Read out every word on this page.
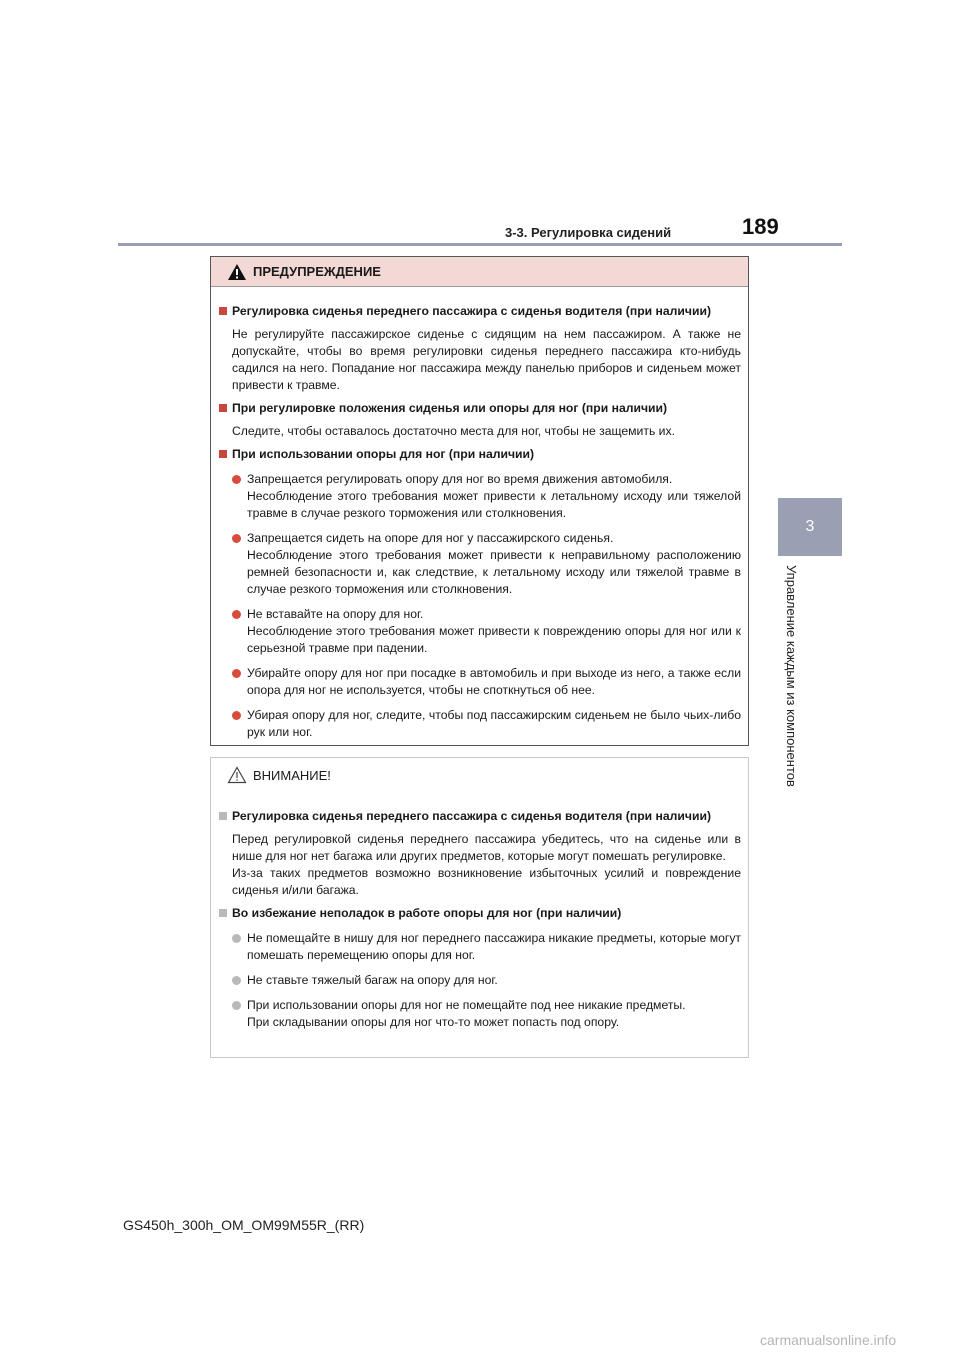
3-3. Регулировка сидений	189
3
Управление каждым из компонентов
ПРЕДУПРЕЖДЕНИЕ
Регулировка сиденья переднего пассажира с сиденья водителя (при наличии)
Не регулируйте пассажирское сиденье с сидящим на нем пассажиром. А также не допускайте, чтобы во время регулировки сиденья переднего пассажира кто-нибудь садился на него. Попадание ног пассажира между панелью приборов и сиденьем может привести к травме.
При регулировке положения сиденья или опоры для ног (при наличии)
Следите, чтобы оставалось достаточно места для ног, чтобы не защемить их.
При использовании опоры для ног (при наличии)
Запрещается регулировать опору для ног во время движения автомобиля.
Несоблюдение этого требования может привести к летальному исходу или тяжелой травме в случае резкого торможения или столкновения.
Запрещается сидеть на опоре для ног у пассажирского сиденья.
Несоблюдение этого требования может привести к неправильному расположению ремней безопасности и, как следствие, к летальному исходу или тяжелой травме в случае резкого торможения или столкновения.
Не вставайте на опору для ног.
Несоблюдение этого требования может привести к повреждению опоры для ног или к серьезной травме при падении.
Убирайте опору для ног при посадке в автомобиль и при выходе из него, а также если опора для ног не используется, чтобы не споткнуться об нее.
Убирая опору для ног, следите, чтобы под пассажирским сиденьем не было чьих-либо рук или ног.
ВНИМАНИЕ!
Регулировка сиденья переднего пассажира с сиденья водителя (при наличии)
Перед регулировкой сиденья переднего пассажира убедитесь, что на сиденье или в нише для ног нет багажа или других предметов, которые могут помешать регулировке.
Из-за таких предметов возможно возникновение избыточных усилий и повреждение сиденья и/или багажа.
Во избежание неполадок в работе опоры для ног (при наличии)
Не помещайте в нишу для ног переднего пассажира никакие предметы, которые могут помешать перемещению опоры для ног.
Не ставьте тяжелый багаж на опору для ног.
При использовании опоры для ног не помещайте под нее никакие предметы.
При складывании опоры для ног что-то может попасть под опору.
GS450h_300h_OM_OM99M55R_(RR)
carmanualsonline.info
